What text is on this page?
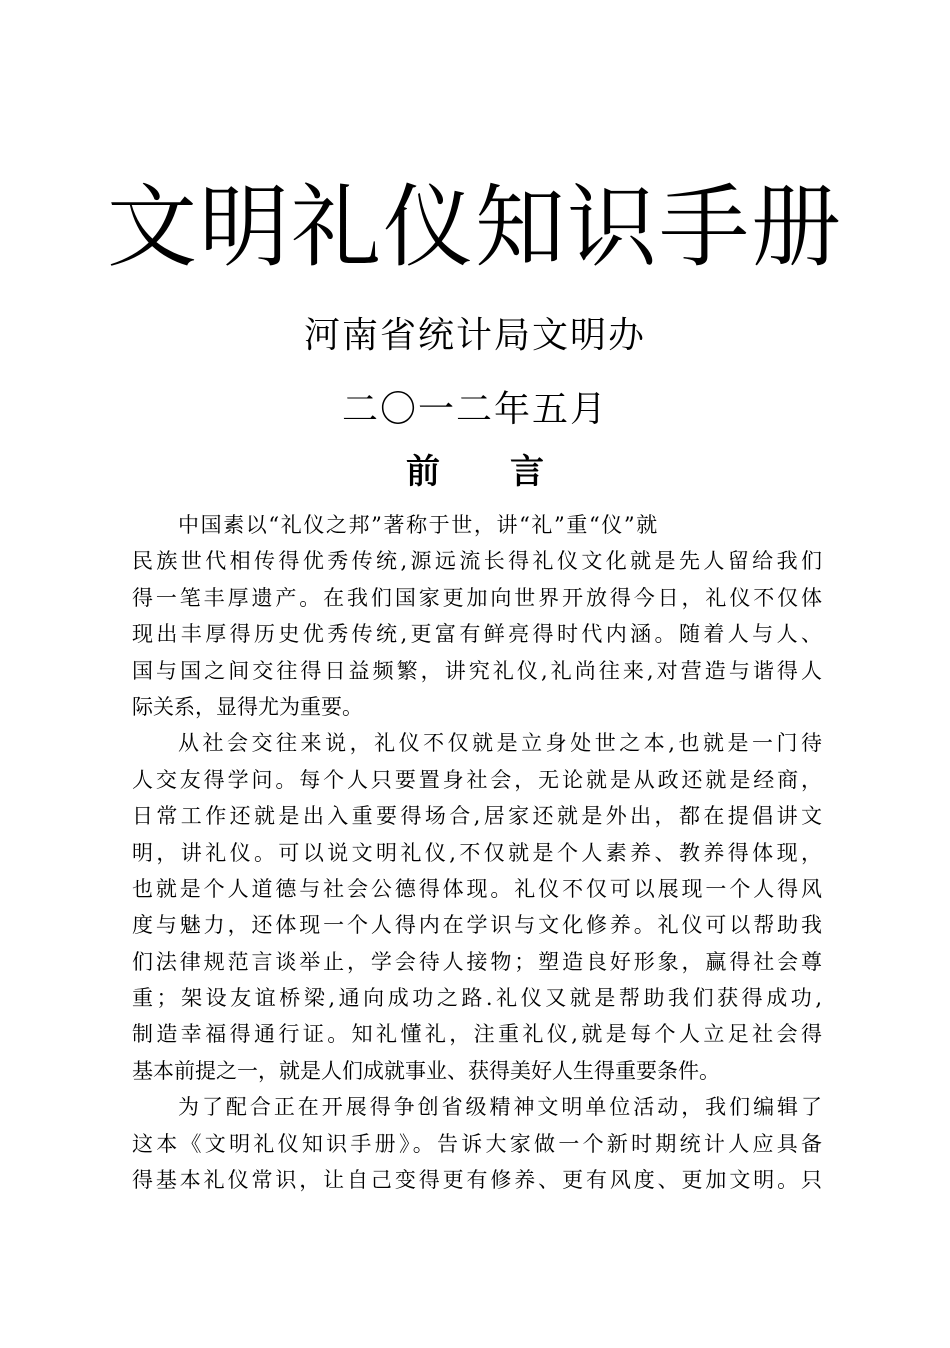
文明礼仪知识手册
河南省统计局文明办
二〇一二年五月
前 言
中国素以“礼仪之邦”著称于世，讲“礼”重“仪”就
民族世代相传得优秀传统,源远流长得礼仪文化就是先人留给我们
得一笔丰厚遗产。在我们国家更加向世界开放得今日，礼仪不仅体
现出丰厚得历史优秀传统,更富有鲜亮得时代内涵。随着人与人、
国与国之间交往得日益频繁，讲究礼仪,礼尚往来,对营造与谐得人
际关系，显得尤为重要。
从社会交往来说，礼仪不仅就是立身处世之本,也就是一门待
人交友得学问。每个人只要置身社会，无论就是从政还就是经商，
日常工作还就是出入重要得场合,居家还就是外出，都在提倡讲文
明，讲礼仪。可以说文明礼仪,不仅就是个人素养、教养得体现，
也就是个人道德与社会公德得体现。礼仪不仅可以展现一个人得风
度与魅力，还体现一个人得内在学识与文化修养。礼仪可以帮助我
们法律规范言谈举止，学会待人接物；塑造良好形象，赢得社会尊
重；架设友谊桥梁,通向成功之路.礼仪又就是帮助我们获得成功,
制造幸福得通行证。知礼懂礼，注重礼仪,就是每个人立足社会得
基本前提之一，就是人们成就事业、获得美好人生得重要条件。
为了配合正在开展得争创省级精神文明单位活动，我们编辑了
这本《文明礼仪知识手册》。告诉大家做一个新时期统计人应具备
得基本礼仪常识，让自己变得更有修养、更有风度、更加文明。只
